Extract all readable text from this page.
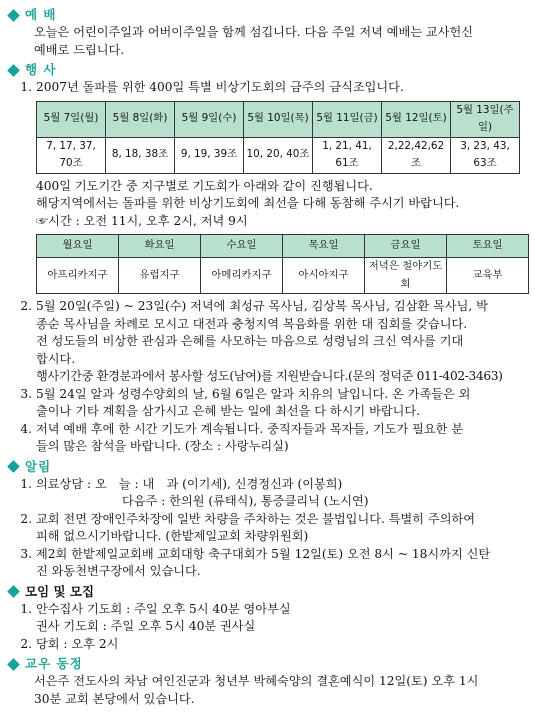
예 배
오늘은 어린이주일과 어버이주일을 함께 섬깁니다. 다음 주일 저녁 예배는 교사헌신
예배로 드립니다.
행 사
1. 2007년 돌파를 위한 400일 특별 비상기도회의 금주의 금식조입니다.
5월 7일(월)	5월 8일(화)	5월 9일(수)	5월 10일(목)	5월 11일(금)	5월 12일(토)	5월 13일(주일)
7, 17, 37, 70조	8, 18, 38조	9, 19, 39조	10, 20, 40조	1, 21, 41, 61조	2,22,42,62조	3, 23, 43, 63조
400일 기도기간 중 지구별로 기도회가 아래와 같이 진행됩니다.
해당지역에서는 돌파를 위한 비상기도회에 최선을 다해 동참해 주시기 바랍니다.
☞시간 : 오전 11시, 오후 2시, 저녁 9시
월요일	화요일	수요일	목요일	금요일	토요일
아프리카지구	유럽지구	아메리카지구	아시아지구	저녁은 철야기도회	교육부
2. 5월 20일(주일) ~ 23일(수) 저녁에 최성규 목사님, 김상복 목사님, 김삼환 목사님, 박
종순 목사님을 차례로 모시고 대전과 충청지역 복음화를 위한 대 집회를 갖습니다.
전 성도들의 비상한 관심과 은혜를 사모하는 마음으로 성령님의 크신 역사를 기대
합시다.
행사기간중 환경분과에서 봉사할 성도(남여)를 지원받습니다.(문의 정덕준 011-402-3463)
3. 5월 24일 알과 성령수양회의 날, 6월 6일은 알과 치유의 날입니다. 온 가족들은 외
출이나 기타 계획을 삼가시고 은혜 받는 일에 최선을 다 하시기 바랍니다.
4. 저녁 예배 후에 한 시간 기도가 계속됩니다. 중직자들과 목자들, 기도가 필요한 분
들의 많은 참석을 바랍니다. (장소 : 사랑누리실)
알림
1. 의료상담 : 오　늘 : 내　과 (이기세), 신경정신과 (이봉희)
다음주 : 한의원 (류태식), 통증클리닉 (노시연)
2. 교회 전면 장애인주차장에 일반 차량을 주차하는 것은 불법입니다. 특별히 주의하여
피해 없으시기바랍니다. (한밭제일교회 차량위원회)
3. 제2회 한밭제일교회배 교회대항 축구대회가 5월 12일(토) 오전 8시 ~ 18시까지 신탄
진 와동천변구장에서 있습니다.
모임 및 모집
1. 안수집사 기도회 : 주일 오후 5시 40분 영아부실
권사 기도회 : 주일 오후 5시 40분 권사실
2. 당회 : 오후 2시
교우 동정
서은주 전도사의 차남 여인진군과 청년부 박혜숙양의 결혼예식이 12일(토) 오후 1시
30분 교회 본당에서 있습니다.
